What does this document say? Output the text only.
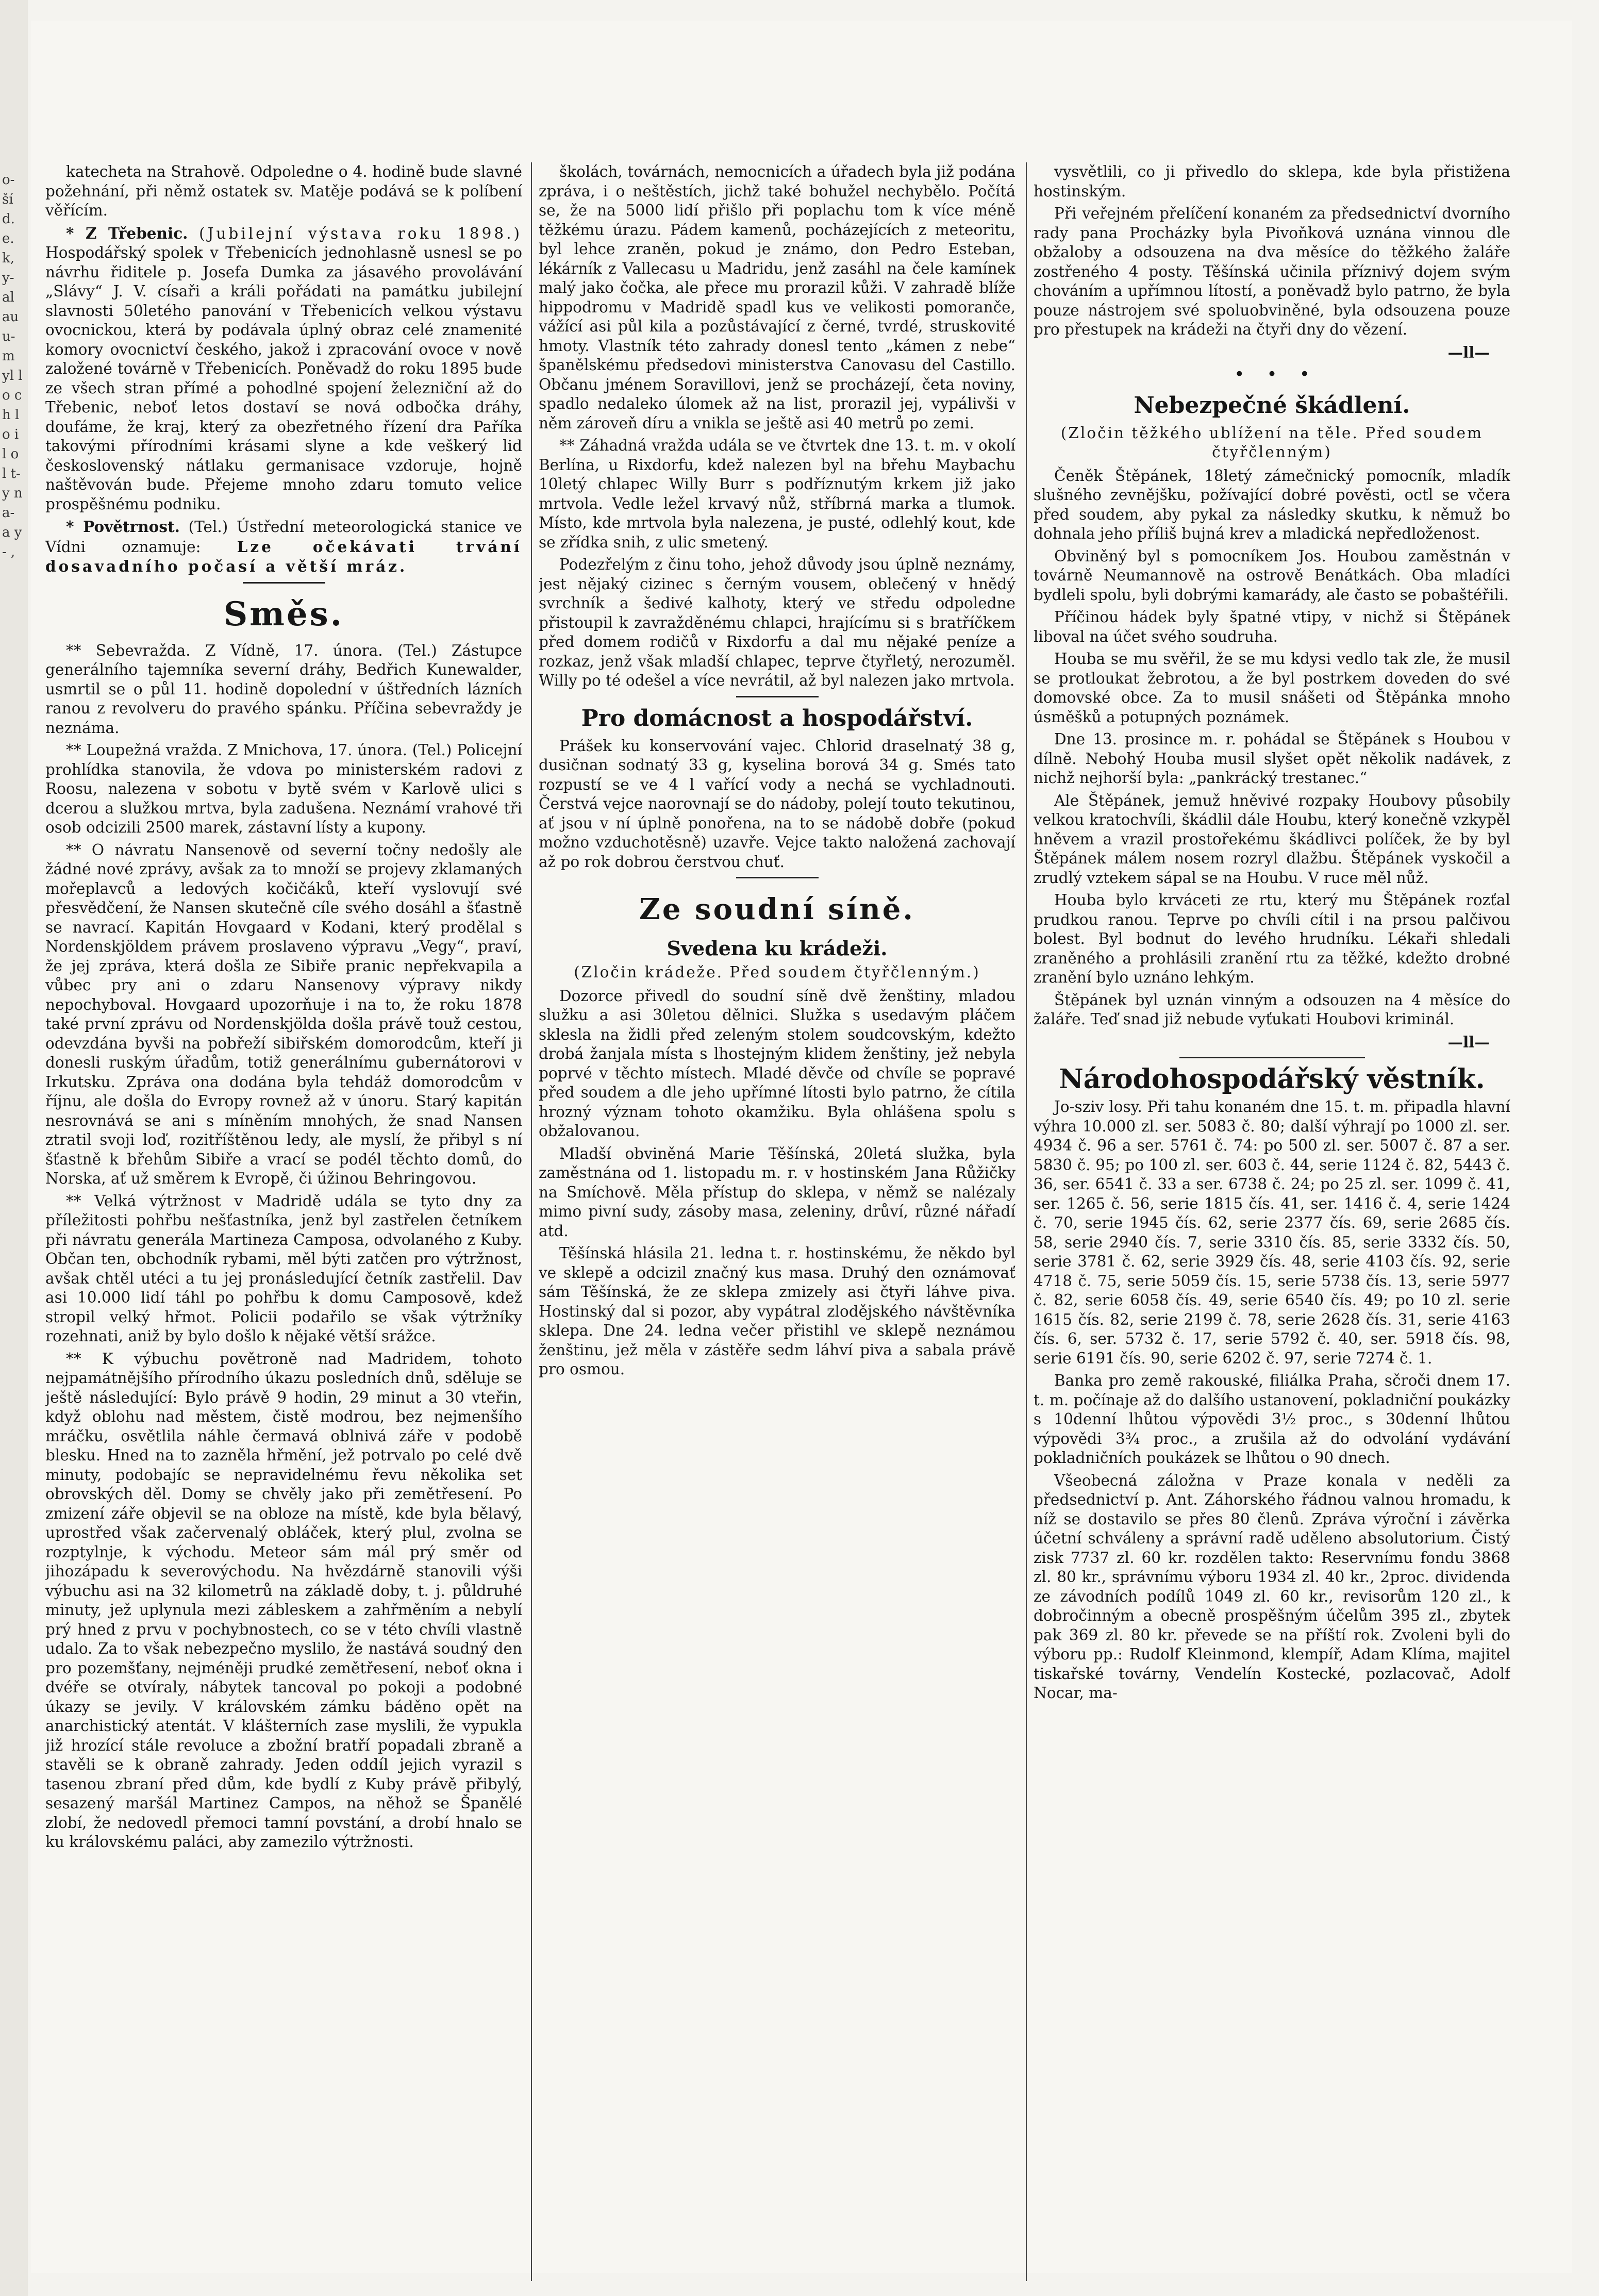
o- ší d. e. k, y- al au u- m yl lo ch lo il ol t- y n a- a y- ,

katecheta na Strahově. Odpoledne o 4. hodině bude slavné požehnání, při němž ostatek sv. Matěje podává se k políbení věřícím.

* Z Třebenic. (Jubilejní výstava roku 1898.) Hospodářský spolek v Třebenicích jednohlasně usnesl se po návrhu řiditele p. Josefa Dumka za jásavého provolávání „Slávy“ J. V. císaři a králi pořádati na památku jubilejní slavnosti 50letého panování v Třebenicích velkou výstavu ovocnickou, která by podávala úplný obraz celé znamenité komory ovocnictví českého, jakož i zpracování ovoce v nově založené továrně v Třebenicích. Poněvadž do roku 1895 bude ze všech stran přímé a pohodlné spojení železniční až do Třebenic, neboť letos dostaví se nová odbočka dráhy, doufáme, že kraj, který za obezřetného řízení dra Paříka takovými přírodními krásami slyne a kde veškerý lid československý nátlaku germanisace vzdoruje, hojně naštěvován bude. Přejeme mnoho zdaru tomuto velice prospěšnému podniku.

* Povětrnost. (Tel.) Ústřední meteorologická stanice ve Vídni oznamuje: Lze očekávati trvání dosavadního počasí a větší mráz.

Směs.

** Sebevražda. Z Vídně, 17. února. (Tel.) Zástupce generálního tajemníka severní dráhy, Bedřich Kunewalder, usmrtil se o půl 11. hodině dopolední v úštředních lázních ranou z revolveru do pravého spánku. Příčina sebevraždy je neznáma.

** Loupežná vražda. Z Mnichova, 17. února. (Tel.) Policejní prohlídka stanovila, že vdova po ministerském radovi z Roosu, nalezena v sobotu v bytě svém v Karlově ulici s dcerou a služkou mrtva, byla zadušena. Neznámí vrahové tři osob odcizili 2500 marek, zástavní lísty a kupony.

** O návratu Nansenově od severní točny nedošly ale žádné nové zprávy, avšak za to množí se projevy zklamaných mořeplavců a ledových kočičáků, kteří vyslovují své přesvědčení, že Nansen skutečně cíle svého dosáhl a šťastně se navrací. Kapitán Hovgaard v Kodani, který prodělal s Nordenskjöldem právem proslaveno výpravu „Vegy“, praví, že jej zpráva, která došla ze Sibiře pranic nepřekvapila a vůbec pry ani o zdaru Nansenovy výpravy nikdy nepochyboval. Hovgaard upozorňuje i na to, že roku 1878 také první zprávu od Nordenskjölda došla právě touž cestou, odevzdána byvši na pobřeží sibiřském domorodcům, kteří ji donesli ruským úřadům, totiž generálnímu gubernátorovi v Irkutsku. Zpráva ona dodána byla tehdáž domorodcům v říjnu, ale došla do Evropy rovnež až v únoru. Starý kapitán nesrovnává se ani s míněním mnohých, že snad Nansen ztratil svoji loď, rozitříštěnou ledy, ale myslí, že přibyl s ní šťastně k břehům Sibiře a vrací se podél těchto domů, do Norska, ať už směrem k Evropě, či úžinou Behringovou.

** Velká výtržnost v Madridě udála se tyto dny za příležitosti pohřbu nešťastníka, jenž byl zastřelen četníkem při návratu generála Martineza Camposa, odvolaného z Kuby. Občan ten, obchodník rybami, měl býti zatčen pro výtržnost, avšak chtěl utéci a tu jej pronásledující četník zastřelil. Dav asi 10.000 lidí táhl po pohřbu k domu Camposově, kdež stropil velký hřmot. Policii podařilo se však výtržníky rozehnati, aniž by bylo došlo k nějaké větší srážce.

** K výbuchu povětroně nad Madridem, tohoto nejpamátnějšího přírodního úkazu posledních dnů, sděluje se ještě následující: Bylo právě 9 hodin, 29 minut a 30 vteřin, když oblohu nad městem, čistě modrou, bez nejmenšího mráčku, osvětlila náhle čermavá oblnivá záře v podobě blesku. Hned na to zazněla hřmění, jež potrvalo po celé dvě minuty, podobajíc se nepravidelnému řevu několika set obrovských děl. Domy se chvěly jako při zemětřesení. Po zmizení záře objevil se na obloze na místě, kde byla bělavý, uprostřed však začervenalý obláček, který plul, zvolna se rozptylnje, k východu. Meteor sám mál prý směr od jihozápadu k severovýchodu. Na hvězdárně stanovili výši výbuchu asi na 32 kilometrů na základě doby, t. j. půldruhé minuty, jež uplynula mezi zábleskem a zahřměním a nebylí prý hned z prvu v pochybnostech, co se v této chvíli vlastně udalo. Za to však nebezpečno myslilo, že nastává soudný den pro pozemšťany, nejméněji prudké zemětřesení, neboť okna i dvéře se otvíraly, nábytek tancoval po pokoji a podobné úkazy se jevily. V královském zámku báděno opět na anarchistický atentát. V klášterních zase myslili, že vypukla již hrozící stále revoluce a zbožní bratří popadali zbraně a stavěli se k obraně zahrady. Jeden oddíl jejich vyrazil s tasenou zbraní před dům, kde bydlí z Kuby právě přibylý, sesazený maršál Martinez Campos, na něhož se Španělé zlobí, že nedovedl přemoci tamní povstání, a drobí hnalo se ku královskému paláci, aby zamezilo výtržnosti.

školách, továrnách, nemocnicích a úřadech byla již podána zpráva, i o neštěstích, jichž také bohužel nechybělo. Počítá se, že na 5000 lidí přišlo při poplachu tom k více méně těžkému úrazu. Pádem kamenů, pocházejících z meteoritu, byl lehce zraněn, pokud je známo, don Pedro Esteban, lékárník z Vallecasu u Madridu, jenž zasáhl na čele kamínek malý jako čočka, ale přece mu prorazil kůži. V zahradě blíže hippodromu v Madridě spadl kus ve velikosti pomoranče, vážící asi půl kila a pozůstávající z černé, tvrdé, struskovité hmoty. Vlastník této zahrady donesl tento „kámen z nebe“ španělskému předsedovi ministerstva Canovasu del Castillo. Občanu jménem Soravillovi, jenž se procházejí, četa noviny, spadlo nedaleko úlomek až na list, prorazil jej, vypálivši v něm zároveň díru a vnikla se ještě asi 40 metrů po zemi.

** Záhadná vražda udála se ve čtvrtek dne 13. t. m. v okolí Berlína, u Rixdorfu, kdež nalezen byl na břehu Maybachu 10letý chlapec Willy Burr s podříznutým krkem již jako mrtvola. Vedle ležel krvavý nůž, stříbrná marka a tlumok. Místo, kde mrtvola byla nalezena, je pusté, odlehlý kout, kde se zřídka snih, z ulic smetený.

Podezřelým z činu toho, jehož důvody jsou úplně neznámy, jest nějaký cizinec s černým vousem, oblečený v hnědý svrchník a šedivé kalhoty, který ve středu odpoledne přistoupil k zavražděnému chlapci, hrajícímu si s bratříčkem před domem rodičů v Rixdorfu a dal mu nějaké peníze a rozkaz, jenž však mladší chlapec, teprve čtyřletý, nerozuměl. Willy po té odešel a více nevrátil, až byl nalezen jako mrtvola.

Pro domácnost a hospodářství.

Prášek ku konservování vajec. Chlorid draselnatý 38 g, dusičnan sodnatý 33 g, kyselina borová 34 g. Smés tato rozpustí se ve 4 l vařící vody a nechá se vychladnouti. Čerstvá vejce naorovnají se do nádoby, polejí touto tekutinou, ať jsou v ní úplně ponořena, na to se nádobě dobře (pokud možno vzduchotěsně) uzavře. Vejce takto naložená zachovají až po rok dobrou čerstvou chuť.

Ze soudní síně.
Svedena ku krádeži.
(Zločin krádeže. Před soudem čtyřčlenným.)

Dozorce přivedl do soudní síně dvě ženštiny, mladou služku a asi 30letou dělnici. Služka s usedavým pláčem sklesla na židli před zeleným stolem soudcovským, kdežto drobá žanjala místa s lhostejným klidem ženštiny, jež nebyla poprvé v těchto místech. Mladé děvče od chvíle se popravé před soudem a dle jeho upřímné lítosti bylo patrno, že cítila hrozný význam tohoto okamžiku. Byla ohlášena spolu s obžalovanou.

Mladší obviněná Marie Těšínská, 20letá služka, byla zaměstnána od 1. listopadu m. r. v hostinském Jana Růžičky na Smíchově. Měla přístup do sklepa, v němž se nalézaly mimo pivní sudy, zásoby masa, zeleniny, drůví, různé nářadí atd.

Těšínská hlásila 21. ledna t. r. hostinskému, že někdo byl ve sklepě a odcizil značný kus masa. Druhý den oznámovať sám Těšínská, že ze sklepa zmizely asi čtyři láhve piva. Hostinský dal si pozor, aby vypátral zlodějského návštěvníka sklepa. Dne 24. ledna večer přistihl ve sklepě neznámou ženštinu, jež měla v zástěře sedm láhví piva a sabala právě pro osmou.

vysvětlili, co ji přivedlo do sklepa, kde byla přistižena hostinským.

Při veřejném přelíčení konaném za předsednictví dvorního rady pana Procházky byla Pivoňková uznána vinnou dle obžaloby a odsouzena na dva měsíce do těžkého žaláře zostřeného 4 posty. Těšínská učinila příznivý dojem svým chováním a upřímnou lítostí, a poněvadž bylo patrno, že byla pouze nástrojem své spoluobviněné, byla odsouzena pouze pro přestupek na krádeži na čtyři dny do vězení.

—ll—
•    •    •
Nebezpečné škádlení.
(Zločin těžkého ublížení na těle. Před soudem čtyřčlenným)

Čeněk Štěpánek, 18letý zámečnický pomocník, mladík slušného zevnějšku, požívající dobré pověsti, octl se včera před soudem, aby pykal za následky skutku, k němuž bo dohnala jeho příliš bujná krev a mladická nepředloženost.

Obviněný byl s pomocníkem Jos. Houbou zaměstnán v továrně Neumannově na ostrově Benátkách. Oba mladíci bydleli spolu, byli dobrými kamarády, ale často se pobaštéřili.

Příčinou hádek byly špatné vtipy, v nichž si Štěpánek liboval na účet svého soudruha.

Houba se mu svěřil, že se mu kdysi vedlo tak zle, že musil se protloukat žebrotou, a že byl postrkem doveden do své domovské obce. Za to musil snášeti od Štěpánka mnoho úsměšků a potupných poznámek.

Dne 13. prosince m. r. pohádal se Štěpánek s Houbou v dílně. Nebohý Houba musil slyšet opět několik nadávek, z nichž nejhorší byla: „pankrácký trestanec.“

Ale Štěpánek, jemuž hněvivé rozpaky Houbovy působily velkou kratochvíli, škádlil dále Houbu, který konečně vzkypěl hněvem a vrazil prostořekému škádlivci políček, že by byl Štěpánek málem nosem rozryl dlažbu. Štěpánek vyskočil a zrudlý vztekem sápal se na Houbu. V ruce měl nůž.

Houba bylo krváceti ze rtu, který mu Štěpánek rozťal prudkou ranou. Teprve po chvíli cítil i na prsou palčivou bolest. Byl bodnut do levého hrudníku. Lékaři shledali zraněného a prohlásili zranění rtu za těžké, kdežto drobné zranění bylo uznáno lehkým.

Štěpánek byl uznán vinným a odsouzen na 4 měsíce do žaláře. Teď snad již nebude vyťukati Houbovi kriminál.

—ll—
Národohospodářský věstník.

Jo-sziv losy. Při tahu konaném dne 15. t. m. připadla hlavní výhra 10.000 zl. ser. 5083 č. 80; další výhrají po 1000 zl. ser. 4934 č. 96 a ser. 5761 č. 74: po 500 zl. ser. 5007 č. 87 a ser. 5830 č. 95; po 100 zl. ser. 603 č. 44, serie 1124 č. 82, 5443 č. 36, ser. 6541 č. 33 a ser. 6738 č. 24; po 25 zl. ser. 1099 č. 41, ser. 1265 č. 56, serie 1815 čís. 41, ser. 1416 č. 4, serie 1424 č. 70, serie 1945 čís. 62, serie 2377 čís. 69, serie 2685 čís. 58, serie 2940 čís. 7, serie 3310 čís. 85, serie 3332 čís. 50, serie 3781 č. 62, serie 3929 čís. 48, serie 4103 čís. 92, serie 4718 č. 75, serie 5059 čís. 15, serie 5738 čís. 13, serie 5977 č. 82, serie 6058 čís. 49, serie 6540 čís. 49; po 10 zl. serie 1615 čís. 82, serie 2199 č. 78, serie 2628 čís. 31, serie 4163 čís. 6, ser. 5732 č. 17, serie 5792 č. 40, ser. 5918 čís. 98, serie 6191 čís. 90, serie 6202 č. 97, serie 7274 č. 1.

Banka pro země rakouské, filiálka Praha, sčroči dnem 17. t. m. počínaje až do dalšího ustanovení, pokladniční poukázky s 10denní lhůtou výpovědi 3½ proc., s 30denní lhůtou výpovědi 3¾ proc., a zrušila až do odvolání vydávání pokladničních poukázek se lhůtou o 90 dnech.

Všeobecná záložna v Praze konala v neděli za předsednictví p. Ant. Záhorského řádnou valnou hromadu, k níž se dostavilo se přes 80 členů. Zpráva výroční i závěrka účetní schváleny a správní radě uděleno absolutorium. Čistý zisk 7737 zl. 60 kr. rozdělen takto: Reservnímu fondu 3868 zl. 80 kr., správnímu výboru 1934 zl. 40 kr., 2proc. dividenda ze závodních podílů 1049 zl. 60 kr., revisorům 120 zl., k dobročinným a obecně prospěšným účelům 395 zl., zbytek pak 369 zl. 80 kr. převede se na příští rok. Zvoleni byli do výboru pp.: Rudolf Kleinmond, klempíř, Adam Klíma, majitel tiskařské továrny, Vendelín Kostecké, pozlacovač, Adolf Nocar, ma-
